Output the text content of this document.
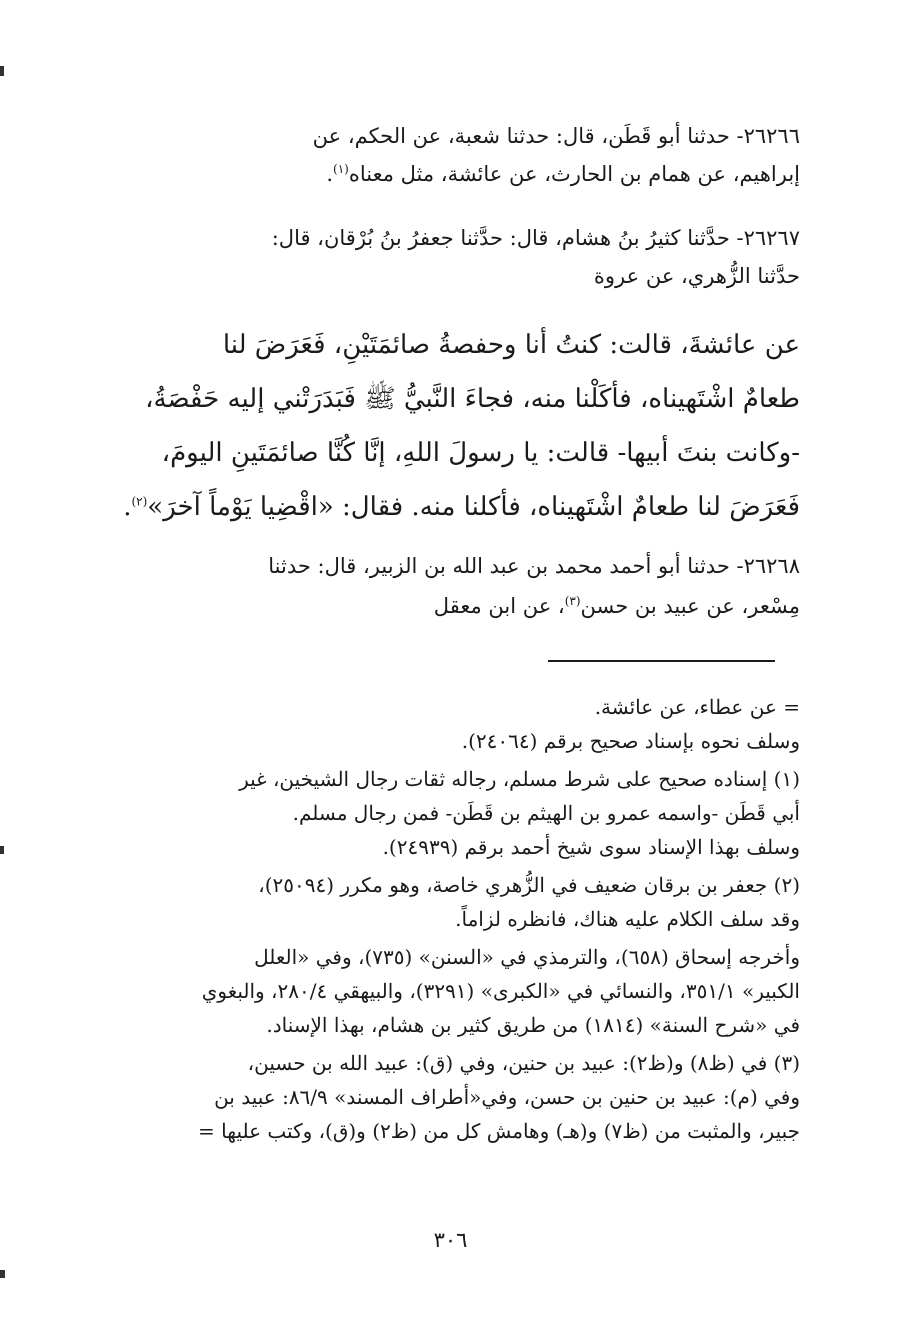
٢٦٢٦٦- حدثنا أبو قَطَن، قال: حدثنا شعبة، عن الحكم، عن
إبراهيم، عن همام بن الحارث، عن عائشة، مثل معناه$^{(١)}$.
٢٦٢٦٧- حدَّثنا كثيرُ بنُ هشام، قال: حدَّثنا جعفرُ بنُ بُرْقان، قال:
حدَّثنا الزُّهري، عن عروة
عن عائشةَ، قالت: كنتُ أنا وحفصةُ صائمَتَيْنِ، فَعَرَضَ لنا
طعامٌ اشْتَهيناه، فأكَلْنا منه، فجاءَ النَّبيُّ ﷺ فَبَدَرَتْني إليه حَفْصَةُ،
-وكانت بنتَ أبيها- قالت: يا رسولَ اللهِ، إنَّا كُنَّا صائمَتَينِ اليومَ،
فَعَرَضَ لنا طعامٌ اشْتَهيناه، فأكلنا منه. فقال: «اقْضِيا يَوْماً آخرَ»$^{(٢)}$.
٢٦٢٦٨- حدثنا أبو أحمد محمد بن عبد الله بن الزبير، قال: حدثنا
مِسْعر، عن عبيد بن حسن$^{(٣)}$، عن ابن معقل
= عن عطاء، عن عائشة.
وسلف نحوه بإسناد صحيح برقم (٢٤٠٦٤).
(١) إسناده صحيح على شرط مسلم، رجاله ثقات رجال الشيخين، غير
أبي قَطَن -واسمه عمرو بن الهيثم بن قَطَن- فمن رجال مسلم.
وسلف بهذا الإسناد سوى شيخ أحمد برقم (٢٤٩٣٩).
(٢) جعفر بن برقان ضعيف في الزُّهري خاصة، وهو مكرر (٢٥٠٩٤)،
وقد سلف الكلام عليه هناك، فانظره لزاماً.
وأخرجه إسحاق (٦٥٨)، والترمذي في «السنن» (٧٣٥)، وفي «العلل
الكبير» ٣٥١/١، والنسائي في «الكبرى» (٣٢٩١)، والبيهقي ٢٨٠/٤، والبغوي
في «شرح السنة» (١٨١٤) من طريق كثير بن هشام، بهذا الإسناد.
(٣) في (ظ٨) و(ظ٢): عبيد بن حنين، وفي (ق): عبيد الله بن حسين،
وفي (م): عبيد بن حنين بن حسن، وفي«أطراف المسند» ٨٦/٩: عبيد بن
جبير، والمثبت من (ظ٧) و(هـ) وهامش كل من (ظ٢) و(ق)، وكتب عليها =
٣٠٦
